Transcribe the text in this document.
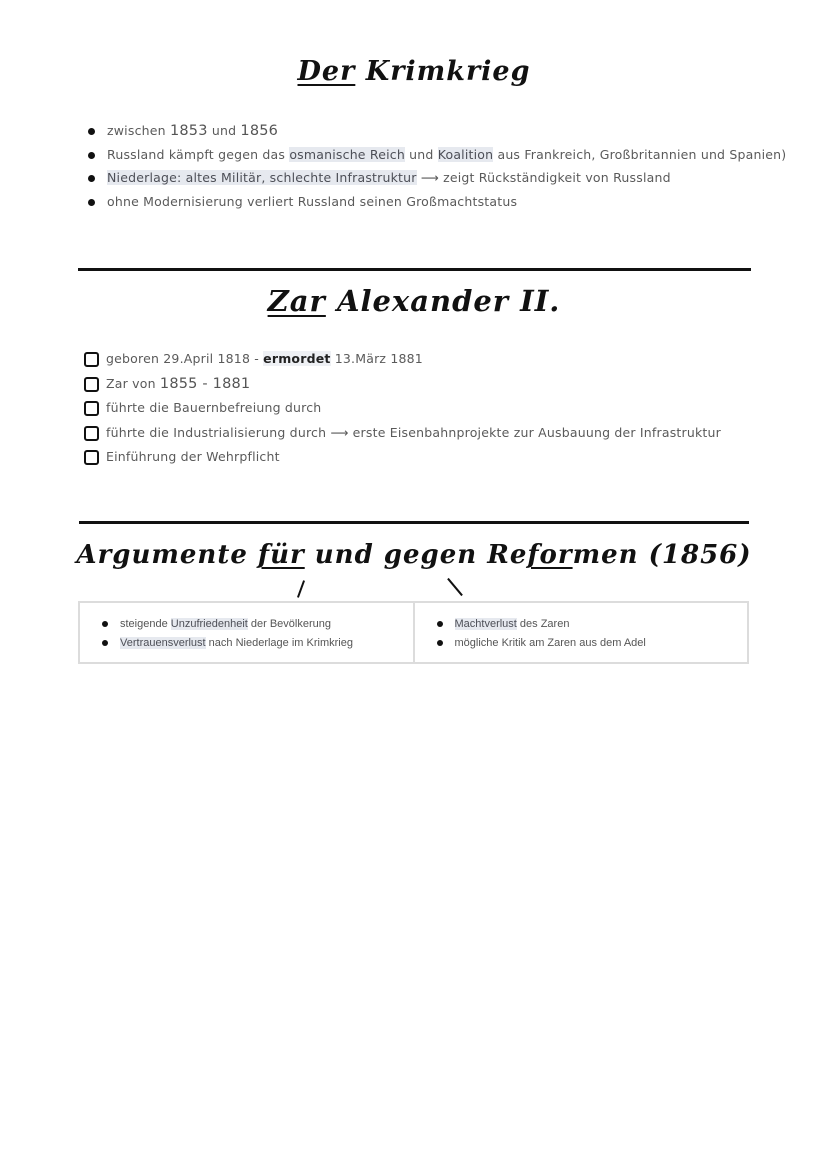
Der Krimkrieg
zwischen 1853 und 1856
Russland kämpft gegen das osmanische Reich und Koalition aus Frankreich, Großbritannien und Spanien)
Niederlage: altes Militär, schlechte Infrastruktur ⟶ zeigt Rückständigkeit von Russland
ohne Modernisierung verliert Russland seinen Großmachtstatus
Zar Alexander II.
geboren 29.April 1818 - ermordet 13.März 1881
Zar von 1855 - 1881
führte die Bauernbefreiung durch
führte die Industrialisierung durch ⟶ erste Eisenbahnprojekte zur Ausbauung der Infrastruktur
Einführung der Wehrpflicht
Argumente für und gegen Reformen (1856)
steigende Unzufriedenheit der Bevölkerung
Vertrauensverlust nach Niederlage im Krimkrieg
Machtverlust des Zaren
mögliche Kritik am Zaren aus dem Adel
